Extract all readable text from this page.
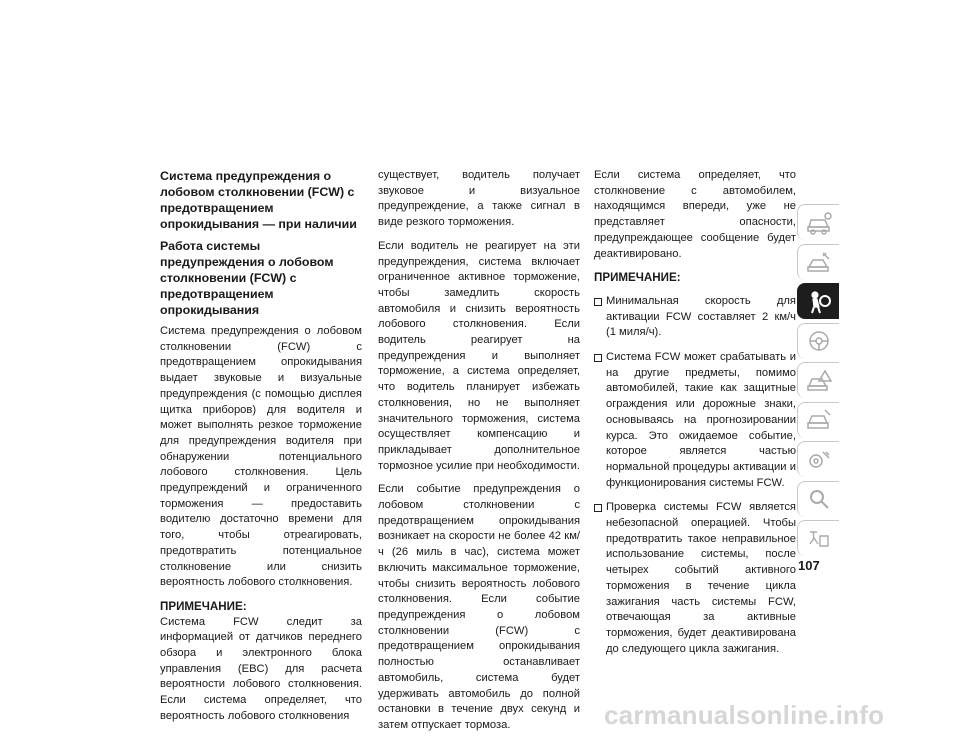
Система предупреждения о лобовом столкновении (FCW) с предотвращением опрокидывания — при наличии
Работа системы предупреждения о лобовом столкновении (FCW) с предотвращением опрокидывания

Система предупреждения о лобовом столкновении (FCW) с предотвращением опрокидывания выдает звуковые и визуальные предупреждения (с помощью дисплея щитка приборов) для водителя и может выполнять резкое торможение для предупреждения водителя при обнаружении потенциального лобового столкновения. Цель предупреждений и ограниченного торможения — предоставить водителю достаточно времени для того, чтобы отреагировать, предотвратить потенциальное столкновение или снизить вероятность лобового столкновения.

ПРИМЕЧАНИЕ:

Система FCW следит за информацией от датчиков переднего обзора и электронного блока управления (EBC) для расчета вероятности лобового столкновения. Если система определяет, что вероятность лобового столкновения

существует, водитель получает звуковое и визуальное предупреждение, а также сигнал в виде резкого торможения.

Если водитель не реагирует на эти предупреждения, система включает ограниченное активное торможение, чтобы замедлить скорость автомобиля и снизить вероятность лобового столкновения. Если водитель реагирует на предупреждения и выполняет торможение, а система определяет, что водитель планирует избежать столкновения, но не выполняет значительного торможения, система осуществляет компенсацию и прикладывает дополнительное тормозное усилие при необходимости.

Если событие предупреждения о лобовом столкновении с предотвращением опрокидывания возникает на скорости не более 42 км/ч (26 миль в час), система может включить максимальное торможение, чтобы снизить вероятность лобового столкновения. Если событие предупреждения о лобовом столкновении (FCW) с предотвращением опрокидывания полностью останавливает автомобиль, система будет удерживать автомобиль до полной остановки в течение двух секунд и затем отпускает тормоза.

Если система определяет, что столкновение с автомобилем, находящимся впереди, уже не представляет опасности, предупреждающее сообщение будет деактивировано.

ПРИМЕЧАНИЕ:
Минимальная скорость для активации FCW составляет 2 км/ч (1 миля/ч).
Система FCW может срабатывать и на другие предметы, помимо автомобилей, такие как защитные ограждения или дорожные знаки, основываясь на прогнозировании курса. Это ожидаемое событие, которое является частью нормальной процедуры активации и функционирования системы FCW.
Проверка системы FCW является небезопасной операцией. Чтобы предотвратить такое неправильное использование системы, после четырех событий активного торможения в течение цикла зажигания часть системы FCW, отвечающая за активные торможения, будет деактивирована до следующего цикла зажигания.
107
carmanualsonline.info
